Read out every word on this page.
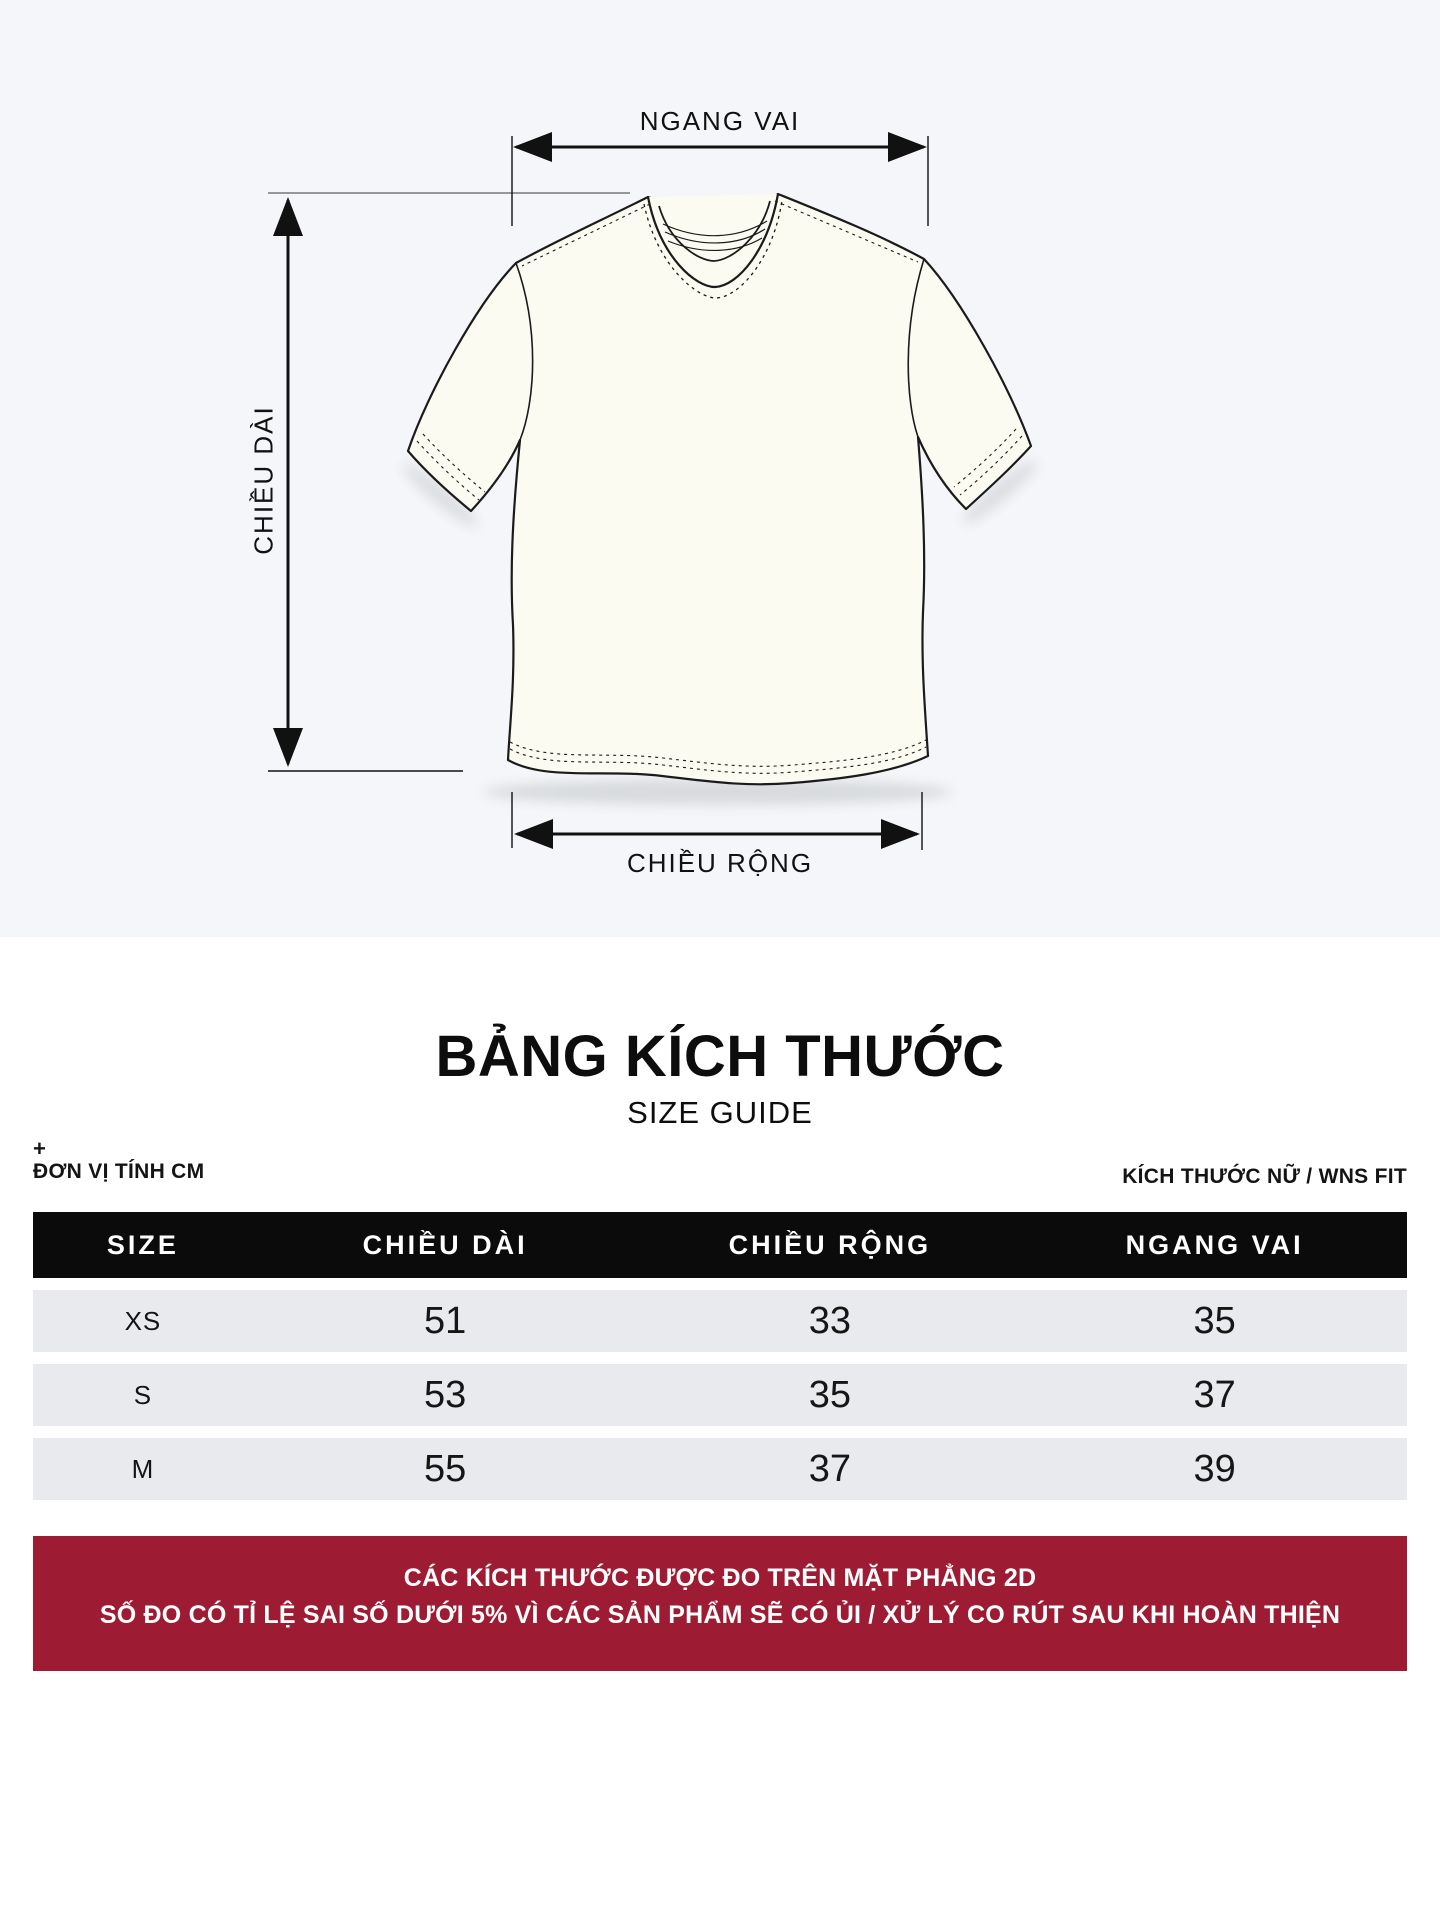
NGANG VAI
CHIỀU DÀI
CHIỀU RỘNG
BẢNG KÍCH THƯỚC
SIZE GUIDE
+
ĐƠN VỊ TÍNH CM	KÍCH THƯỚC NỮ / WNS FIT
SIZE	CHIỀU DÀI	CHIỀU RỘNG	NGANG VAI
XS	51	33	35
S	53	35	37
M	55	37	39
CÁC KÍCH THƯỚC ĐƯỢC ĐO TRÊN MẶT PHẲNG 2D
SỐ ĐO CÓ TỈ LỆ SAI SỐ DƯỚI 5% VÌ CÁC SẢN PHẨM SẼ CÓ ỦI / XỬ LÝ CO RÚT SAU KHI HOÀN THIỆN
